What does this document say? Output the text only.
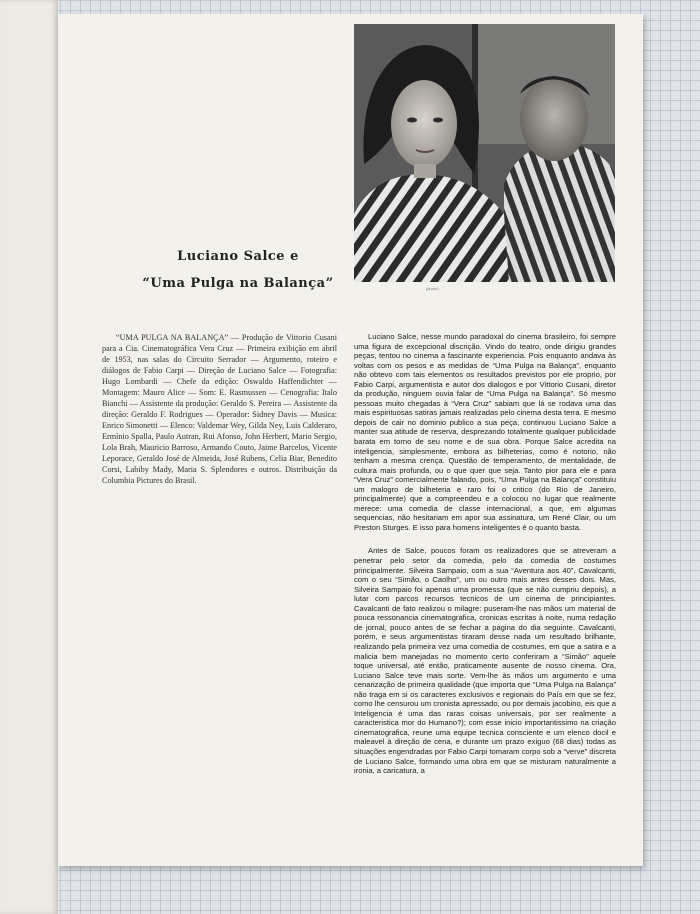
(photo)
Luciano Salce e
“Uma Pulga na Balança”
“UMA PULGA NA BALANÇA” — Produção de Vittorio Cusani para a Cia. Cinematográfica Vera Cruz — Primeira exibição em abril de 1953, nas salas do Circuito Serrador — Argumento, roteiro e diálogos de Fabio Carpi — Direção de Luciano Salce — Fotografia: Hugo Lombardi — Chefe da edição: Oswaldo Haffendichter — Montagem: Mauro Alice — Som: E. Rasmussen — Cenografia: Italo Bianchi — Assistente da produção: Geraldo S. Pereira — Assistente da direção: Geraldo F. Rodrigues — Operador: Sidney Davis — Musica: Enrico Simonetti — Elenco: Valdemar Wey, Gilda Ney, Luis Calderaro, Ermínio Spalla, Paulo Autran, Rui Afonso, John Herbert, Mario Sergio, Lola Brah, Mauricio Barroso, Armando Couto, Jaime Barcelos, Vicente Leporace, Geraldo José de Almeida, José Rubens, Celia Biar, Benedito Corsi, Labiby Mady, Maria S. Splendores e outros. Distribuição da Columbia Pictures do Brasil.

Luciano Salce, nesse mundo paradoxal do cinema brasileiro, foi sempre uma figura de excepcional discrição. Vindo do teatro, onde dirigiu grandes peças, tentou no cinema a fascinante experiencia. Pois enquanto andava às voltas com os pesos e as medidas de “Uma Pulga na Balança”, enquanto não obtevo com tais elementos os resultados previstos por ele proprio, por Fabio Carpi, argumentista e autor dos dialogos e por Vittorio Cusani, diretor da produção, ninguem ouvia falar de “Uma Pulga na Balança”. Só mesmo pessoas muito chegadas à “Vera Cruz” sabiam que lá se rodava uma das mais espirituosas satiras jamais realizadas pelo cinema desta terra. E mesmo depois de cair no dominio publico a sua peça, continuou Luciano Salce a manter sua atitude de reserva, desprezando totalmente qualquer publicidade barata em torno de seu nome e de sua obra. Porque Salce acredita na inteligencia, simplesmente, embora as bilheterias, como é notorio, não tenham a mesma crença. Questão de temperamento, de mentalidade, de cultura mais profunda, ou o que quer que seja. Tanto pior para ele e para “Vera Cruz” comercialmente falando, pois, “Uma Pulga na Balança” constituiu um malogro de bilheteria e raro foi o critico (do Rio de Janeiro, principalmente) que a compreendeu e a colocou no lugar que realmente merece: uma comedia de classe internacional, a que, em algumas sequencias, não hesitariam em apor sua assinatura, um René Clair, ou um Preston Sturges. E isso para homens inteligentes é o quanto basta.

Antes de Salce, poucos foram os realizadores que se atreveram a penetrar pelo setor da comedia, pelo da comedia de costumes principalmente. Silveira Sampaio, com a sua “Aventura aos 40”, Cavalcanti, com o seu “Simão, o Caolho”, um ou outro mais antes desses dois. Mas, Silveira Sampaio foi apenas uma promessa (que se não cumpriu depois), a lutar com parcos recursos tecnicos de um cinema de principiantes. Cavalcanti de fato realizou o milagre: puseram-lhe nas mãos um material de pouca ressonancia cinematografica, cronicas escritas à noite, numa redação de jornal, pouco antes de se fechar a pagina do dia seguinte. Cavalcanti, porém, e seus argumentistas tiraram desse nada um resultado brilhante, realizando pela primeira vez uma comedia de costumes, em que a satira e a malicia bem manejadas no momento certo conferiram a “Simão” aquele toque universal, até então, praticamente ausente de nosso cinema. Ora, Luciano Salce teve mais sorte. Vem-lhe às mãos um argumento e uma cenarização de primeira qualidade (que importa que “Uma Pulga na Balança” não traga em si os caracteres exclusivos e regionais do País em que se fez, como lhe censurou um cronista apressado, ou por demais jacobino, eis que a Inteligencia é uma das raras coisas universais, por ser realmente a caracteristica mor do Humano?); com esse inicio importantissimo na criação cinematografica, reune uma equipe tecnica consciente e um elenco docil e maleavel à direção de cena, e durante um prazo exiguo (68 dias) todas as situações engendradas por Fabio Carpi tomaram corpo sob a “verve” discreta de Luciano Salce, formando uma obra em que se misturam naturalmente a ironia, a caricatura, a
